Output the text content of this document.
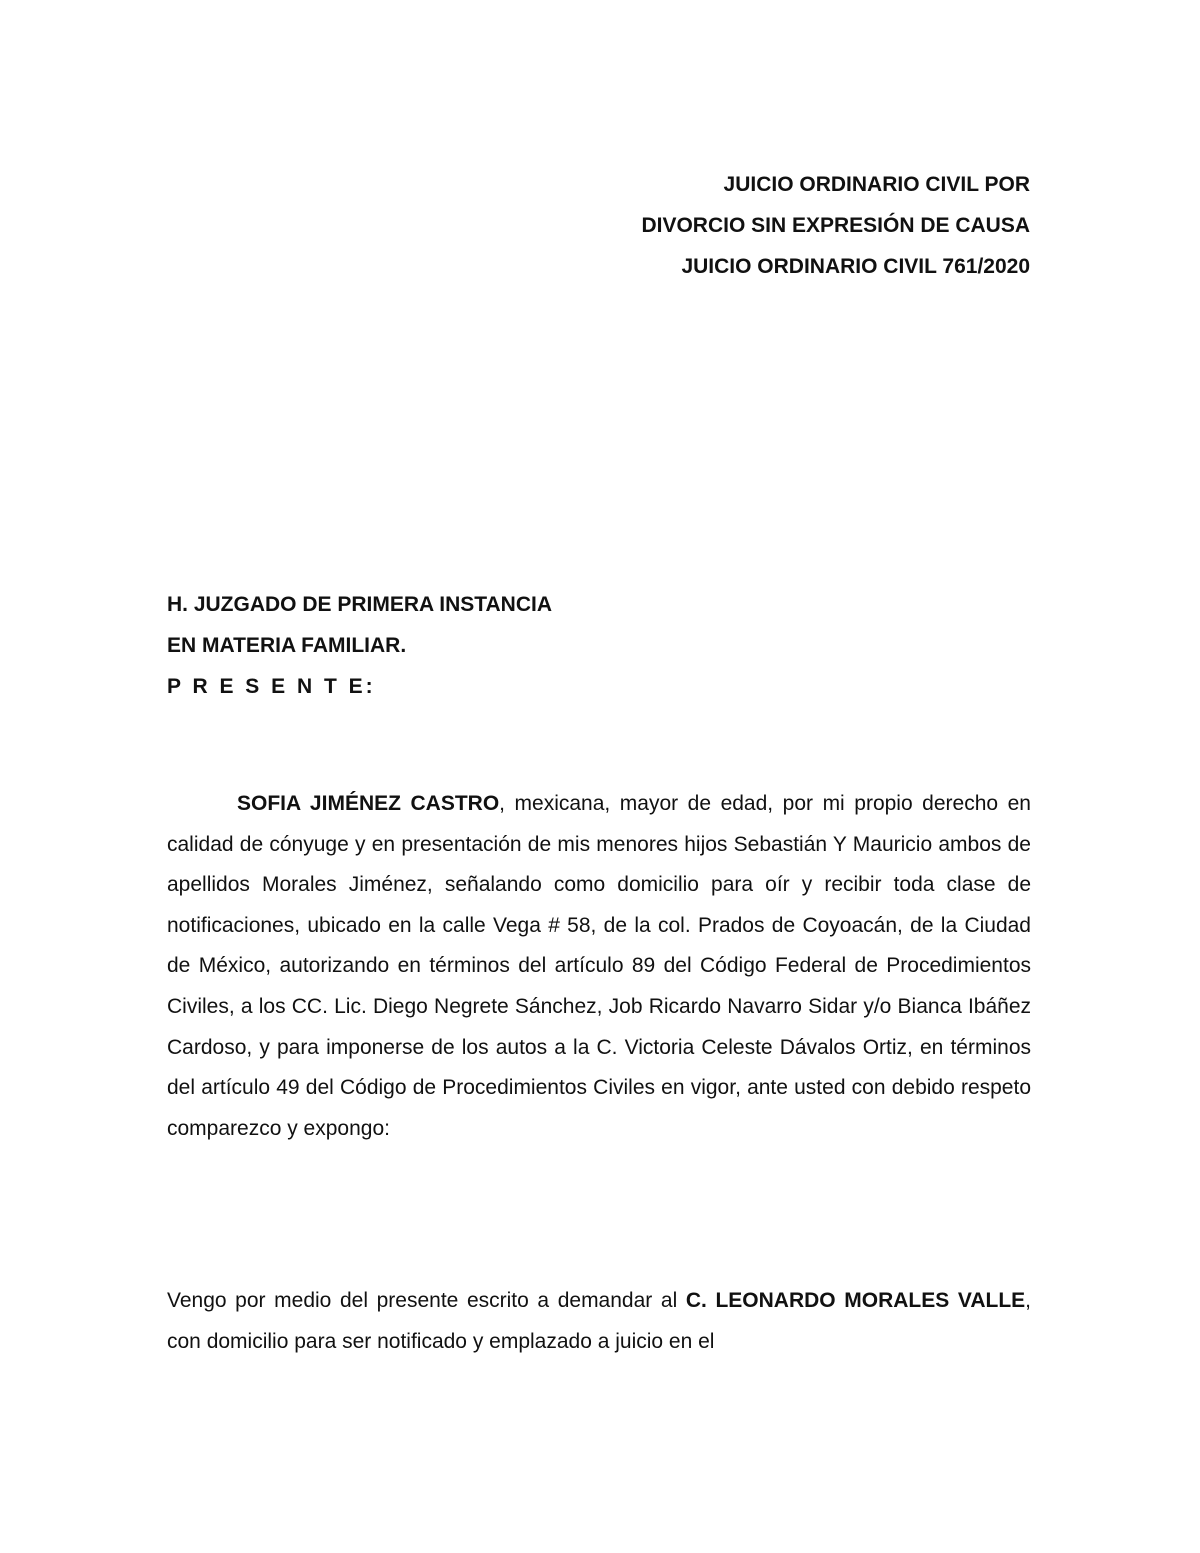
JUICIO ORDINARIO CIVIL POR
DIVORCIO SIN EXPRESIÓN DE CAUSA
JUICIO ORDINARIO CIVIL 761/2020
H. JUZGADO DE PRIMERA INSTANCIA
EN MATERIA FAMILIAR.
P R E S E N T E:
SOFIA JIMÉNEZ CASTRO, mexicana, mayor de edad, por mi propio derecho en calidad de cónyuge y en presentación de mis menores hijos Sebastián Y Mauricio ambos de apellidos Morales Jiménez, señalando como domicilio para oír y recibir toda clase de notificaciones, ubicado en la calle Vega # 58, de la col. Prados de Coyoacán, de la Ciudad de México, autorizando en términos del artículo 89 del Código Federal de Procedimientos Civiles, a los CC. Lic. Diego Negrete Sánchez, Job Ricardo Navarro Sidar y/o Bianca Ibáñez Cardoso, y para imponerse de los autos a la C. Victoria Celeste Dávalos Ortiz, en términos del artículo 49 del Código de Procedimientos Civiles en vigor, ante usted con debido respeto comparezco y expongo:
Vengo por medio del presente escrito a demandar al C. LEONARDO MORALES VALLE, con domicilio para ser notificado y emplazado a juicio en el
